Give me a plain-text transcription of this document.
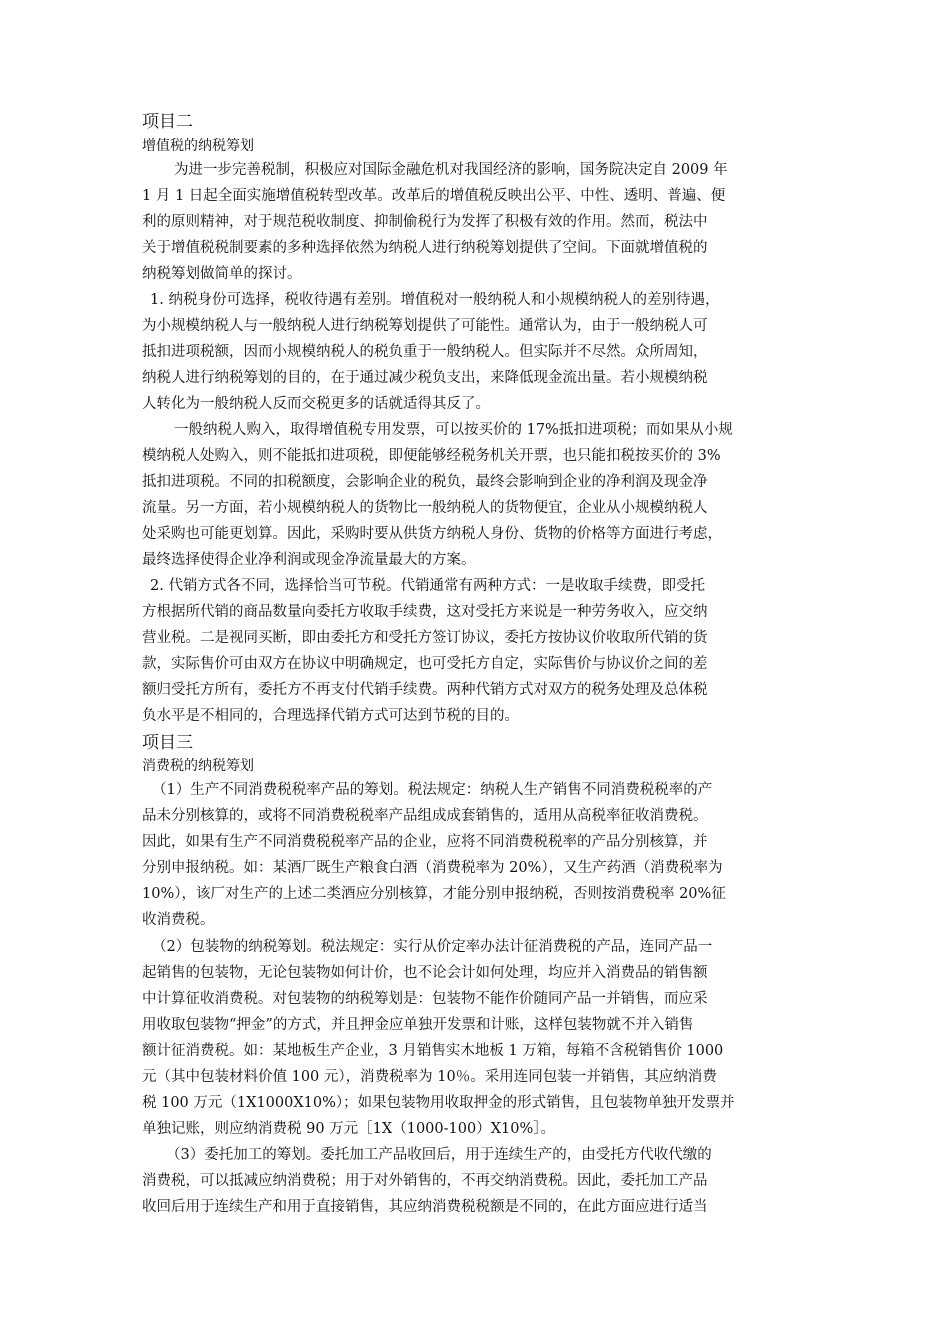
项目二
增值税的纳税筹划
为进一步完善税制，积极应对国际金融危机对我国经济的影响，国务院决定自 2009 年
1 月 1 日起全面实施增值税转型改革。改革后的增值税反映出公平、中性、透明、普遍、便
利的原则精神，对于规范税收制度、抑制偷税行为发挥了积极有效的作用。然而，税法中
关于增值税税制要素的多种选择依然为纳税人进行纳税筹划提供了空间。下面就增值税的
纳税筹划做简单的探讨。
1. 纳税身份可选择，税收待遇有差别。增值税对一般纳税人和小规模纳税人的差别待遇，
为小规模纳税人与一般纳税人进行纳税筹划提供了可能性。通常认为，由于一般纳税人可
抵扣进项税额，因而小规模纳税人的税负重于一般纳税人。但实际并不尽然。众所周知，
纳税人进行纳税筹划的目的，在于通过减少税负支出，来降低现金流出量。若小规模纳税
人转化为一般纳税人反而交税更多的话就适得其反了。
一般纳税人购入，取得增值税专用发票，可以按买价的 17%抵扣进项税；而如果从小规
模纳税人处购入，则不能抵扣进项税，即便能够经税务机关开票，也只能扣税按买价的 3%
抵扣进项税。不同的扣税额度，会影响企业的税负，最终会影响到企业的净利润及现金净
流量。另一方面，若小规模纳税人的货物比一般纳税人的货物便宜，企业从小规模纳税人
处采购也可能更划算。因此，采购时要从供货方纳税人身份、货物的价格等方面进行考虑，
最终选择使得企业净利润或现金净流量最大的方案。
2. 代销方式各不同，选择恰当可节税。代销通常有两种方式：一是收取手续费，即受托
方根据所代销的商品数量向委托方收取手续费，这对受托方来说是一种劳务收入，应交纳
营业税。二是视同买断，即由委托方和受托方签订协议，委托方按协议价收取所代销的货
款，实际售价可由双方在协议中明确规定，也可受托方自定，实际售价与协议价之间的差
额归受托方所有，委托方不再支付代销手续费。两种代销方式对双方的税务处理及总体税
负水平是不相同的，合理选择代销方式可达到节税的目的。
项目三
消费税的纳税筹划
（1）生产不同消费税税率产品的筹划。税法规定：纳税人生产销售不同消费税税率的产
品未分别核算的，或将不同消费税税率产品组成成套销售的，适用从高税率征收消费税。
因此，如果有生产不同消费税税率产品的企业，应将不同消费税税率的产品分别核算，并
分别申报纳税。如：某酒厂既生产粮食白酒（消费税率为 20%），又生产药酒（消费税率为
10%），该厂对生产的上述二类酒应分别核算，才能分别申报纳税，否则按消费税率 20%征
收消费税。
（2）包装物的纳税筹划。税法规定：实行从价定率办法计征消费税的产品，连同产品一
起销售的包装物，无论包装物如何计价，也不论会计如何处理，均应并入消费品的销售额
中计算征收消费税。对包装物的纳税筹划是：包装物不能作价随同产品一并销售，而应采
用收取包装物“押金”的方式，并且押金应单独开发票和计账，这样包装物就不并入销售
额计征消费税。如：某地板生产企业，3 月销售实木地板 1 万箱，每箱不含税销售价 1000
元（其中包装材料价值 100 元），消费税率为 10％。采用连同包装一并销售，其应纳消费
税 100 万元（1X1000X10%）；如果包装物用收取押金的形式销售，且包装物单独开发票并
单独记账，则应纳消费税 90 万元［1X（1000-100）X10%］。
（3）委托加工的筹划。委托加工产品收回后，用于连续生产的，由受托方代收代缴的
消费税，可以抵减应纳消费税；用于对外销售的，不再交纳消费税。因此，委托加工产品
收回后用于连续生产和用于直接销售，其应纳消费税税额是不同的，在此方面应进行适当
